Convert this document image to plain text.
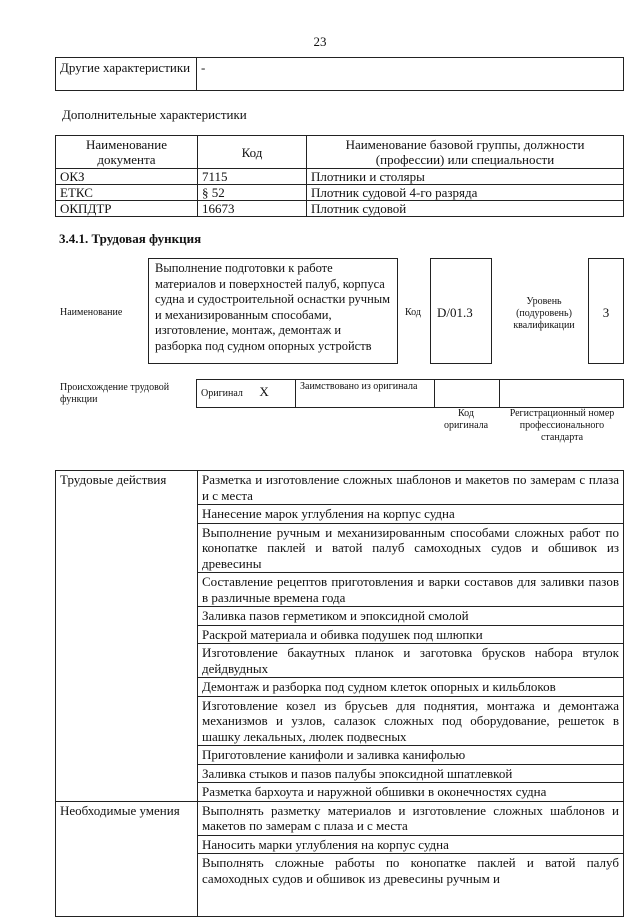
23
Другие характеристики	-
Дополнительные характеристики
Наименование документа	Код	Наименование базовой группы, должности (профессии) или специальности
ОКЗ	7115	Плотники и столяры
ЕТКС	§ 52	Плотник судовой 4-го разряда
ОКПДТР	16673	Плотник судовой
3.4.1. Трудовая функция
Наименование
Выполнение подготовки к работе материалов и поверхностей палуб, корпуса судна и судостроительной оснастки ручным и механизированным способами, изготовление, монтаж, демонтаж и разборка под судном опорных устройств
Код	D/01.3
Уровень (подуровень) квалификации
3
Происхождение трудовой функции
Оригинал X	Заимствовано из оригинала		
Код оригинала
Регистрационный номер профессионального стандарта
Трудовые действия	Разметка и изготовление сложных шаблонов и макетов по замерам с плаза и с места
	Нанесение марок углубления на корпус судна
	Выполнение ручным и механизированным способами сложных работ по конопатке паклей и ватой палуб самоходных судов и обшивок из древесины
	Составление рецептов приготовления и варки составов для заливки пазов в различные времена года
	Заливка пазов герметиком и эпоксидной смолой
	Раскрой материала и обивка подушек под шлюпки
	Изготовление бакаутных планок и заготовка брусков набора втулок дейдвудных
	Демонтаж и разборка под судном клеток опорных и кильблоков
	Изготовление козел из брусьев для поднятия, монтажа и демонтажа механизмов и узлов, салазок сложных под оборудование, решеток в шашку лекальных, люлек подвесных
	Приготовление канифоли и заливка канифолью
	Заливка стыков и пазов палубы эпоксидной шпатлевкой
	Разметка бархоута и наружной обшивки в оконечностях судна
Необходимые умения	Выполнять разметку материалов и изготовление сложных шаблонов и макетов по замерам с плаза и с места
	Наносить марки углубления на корпус судна
	Выполнять сложные работы по конопатке паклей и ватой палуб самоходных судов и обшивок из древесины ручным и
